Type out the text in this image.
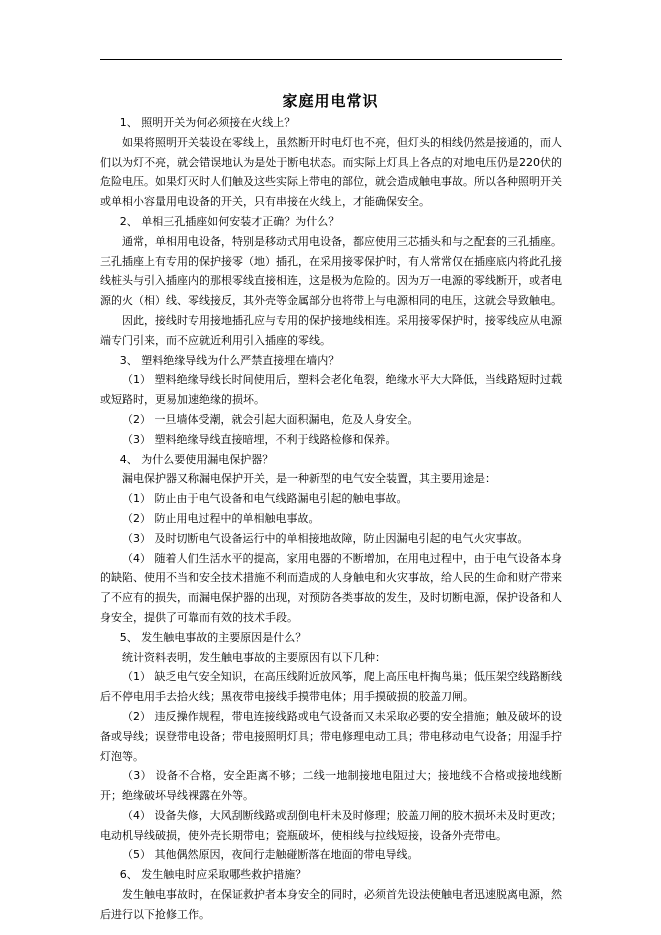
家庭用电常识

1、 照明开关为何必须接在火线上？

如果将照明开关装设在零线上，虽然断开时电灯也不亮，但灯头的相线仍然是接通的，而人们以为灯不亮，就会错误地认为是处于断电状态。而实际上灯具上各点的对地电压仍是220伏的危险电压。如果灯灭时人们触及这些实际上带电的部位，就会造成触电事故。所以各种照明开关或单相小容量用电设备的开关，只有串接在火线上，才能确保安全。

2、 单相三孔插座如何安装才正确？为什么？

通常，单相用电设备，特别是移动式用电设备，都应使用三芯插头和与之配套的三孔插座。三孔插座上有专用的保护接零（地）插孔，在采用接零保护时，有人常常仅在插座底内将此孔接线桩头与引入插座内的那根零线直接相连，这是极为危险的。因为万一电源的零线断开，或者电源的火（相）线、零线接反，其外壳等金属部分也将带上与电源相同的电压，这就会导致触电。

因此，接线时专用接地插孔应与专用的保护接地线相连。采用接零保护时，接零线应从电源端专门引来，而不应就近利用引入插座的零线。

3、 塑料绝缘导线为什么严禁直接埋在墙内？

（1） 塑料绝缘导线长时间使用后，塑料会老化龟裂，绝缘水平大大降低，当线路短时过载或短路时，更易加速绝缘的损坏。

（2） 一旦墙体受潮，就会引起大面积漏电，危及人身安全。

（3） 塑料绝缘导线直接暗埋，不利于线路检修和保养。

4、 为什么要使用漏电保护器？

漏电保护器又称漏电保护开关，是一种新型的电气安全装置，其主要用途是：

（1） 防止由于电气设备和电气线路漏电引起的触电事故。

（2） 防止用电过程中的单相触电事故。

（3） 及时切断电气设备运行中的单相接地故障，防止因漏电引起的电气火灾事故。

（4） 随着人们生活水平的提高，家用电器的不断增加，在用电过程中，由于电气设备本身的缺陷、使用不当和安全技术措施不利而造成的人身触电和火灾事故，给人民的生命和财产带来了不应有的损失，而漏电保护器的出现，对预防各类事故的发生，及时切断电源，保护设备和人身安全，提供了可靠而有效的技术手段。

5、 发生触电事故的主要原因是什么？

统计资料表明，发生触电事故的主要原因有以下几种：

（1） 缺乏电气安全知识，在高压线附近放风筝，爬上高压电杆掏鸟巢；低压架空线路断线后不停电用手去拾火线；黑夜带电接线手摸带电体；用手摸破损的胶盖刀闸。

（2） 违反操作规程，带电连接线路或电气设备而又未采取必要的安全措施；触及破坏的设备或导线；误登带电设备；带电接照明灯具；带电修理电动工具；带电移动电气设备；用湿手拧灯泡等。

（3） 设备不合格，安全距离不够；二线一地制接地电阻过大；接地线不合格或接地线断开；绝缘破坏导线裸露在外等。

（4） 设备失修，大风刮断线路或刮倒电杆未及时修理；胶盖刀闸的胶木损坏未及时更改；电动机导线破损，使外壳长期带电；瓷瓶破坏，使相线与拉线短接，设备外壳带电。

（5） 其他偶然原因，夜间行走触碰断落在地面的带电导线。

6、 发生触电时应采取哪些救护措施？

发生触电事故时，在保证救护者本身安全的同时，必须首先设法使触电者迅速脱离电源，然后进行以下抢修工作。
